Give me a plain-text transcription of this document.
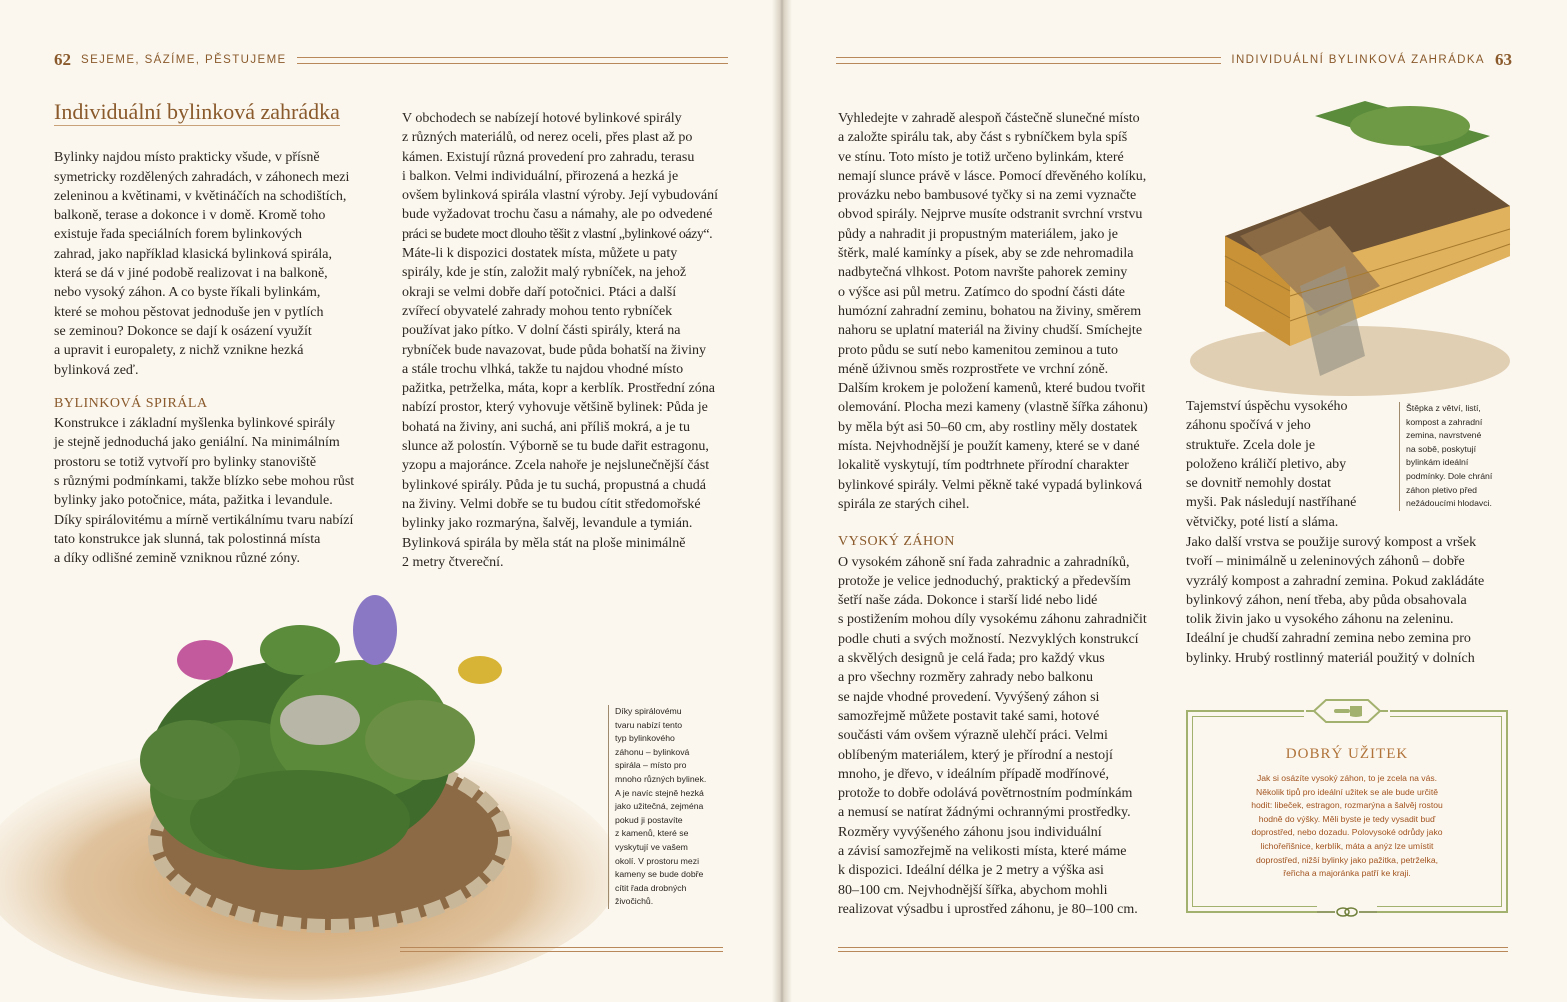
62 SEJEME, SÁZÍME, PĚSTUJEME	INDIVIDUÁLNÍ BYLINKOVÁ ZAHRÁDKA 63
Individuální bylinková zahrádka

Bylinky najdou místo prakticky všude, v přísně

symetricky rozdělených zahradách, v záhonech mezi

zeleninou a květinami, v květináčích na schodištích,

balkoně, terase a dokonce i v domě. Kromě toho

existuje řada speciálních forem bylinkových

zahrad, jako například klasická bylinková spirála,

která se dá v jiné podobě realizovat i na balkoně,

nebo vysoký záhon. A co byste říkali bylinkám,

které se mohou pěstovat jednoduše jen v pytlích

se zeminou? Dokonce se dají k osázení využít

a upravit i europalety, z nichž vznikne hezká

bylinková zeď.

BYLINKOVÁ SPIRÁLA

Konstrukce i základní myšlenka bylinkové spirály

je stejně jednoduchá jako geniální. Na minimálním

prostoru se totiž vytvoří pro bylinky stanoviště

s různými podmínkami, takže blízko sebe mohou růst

bylinky jako potočnice, máta, pažitka i levandule.

Díky spirálovitému a mírně vertikálnímu tvaru nabízí

tato konstrukce jak slunná, tak polostinná místa

a díky odlišné zemině vzniknou různé zóny.

V obchodech se nabízejí hotové bylinkové spirály

z různých materiálů, od nerez oceli, přes plast až po

kámen. Existují různá provedení pro zahradu, terasu

i balkon. Velmi individuální, přirozená a hezká je

ovšem bylinková spirála vlastní výroby. Její vybudování

bude vyžadovat trochu času a námahy, ale po odvedené

práci se budete moct dlouho těšit z vlastní „bylinkové oázy“.

Máte-li k dispozici dostatek místa, můžete u paty

spirály, kde je stín, založit malý rybníček, na jehož

okraji se velmi dobře daří potočnici. Ptáci a další

zvířecí obyvatelé zahrady mohou tento rybníček

používat jako pítko. V dolní části spirály, která na

rybníček bude navazovat, bude půda bohatší na živiny

a stále trochu vlhká, takže tu najdou vhodné místo

pažitka, petrželka, máta, kopr a kerblík. Prostřední zóna

nabízí prostor, který vyhovuje většině bylinek: Půda je

bohatá na živiny, ani suchá, ani příliš mokrá, a je tu

slunce až polostín. Výborně se tu bude dařit estragonu,

yzopu a majoránce. Zcela nahoře je nejslunečnější část

bylinkové spirály. Půda je tu suchá, propustná a chudá

na živiny. Velmi dobře se tu budou cítit středomořské

bylinky jako rozmarýna, šalvěj, levandule a tymián.

Bylinková spirála by měla stát na ploše minimálně

2 metry čtvereční.

Díky spirálovému
tvaru nabízí tento
typ bylinkového
záhonu – bylinková
spirála – místo pro
mnoho různých bylinek.
A je navíc stejně hezká
jako užitečná, zejména
pokud ji postavíte
z kamenů, které se
vyskytují ve vašem
okolí. V prostoru mezi
kameny se bude dobře
cítit řada drobných
živočichů.

Vyhledejte v zahradě alespoň částečně slunečné místo

a založte spirálu tak, aby část s rybníčkem byla spíš

ve stínu. Toto místo je totiž určeno bylinkám, které

nemají slunce právě v lásce. Pomocí dřevěného kolíku,

provázku nebo bambusové tyčky si na zemi vyznačte

obvod spirály. Nejprve musíte odstranit svrchní vrstvu

půdy a nahradit ji propustným materiálem, jako je

štěrk, malé kamínky a písek, aby se zde nehromadila

nadbytečná vlhkost. Potom navršte pahorek zeminy

o výšce asi půl metru. Zatímco do spodní části dáte

humózní zahradní zeminu, bohatou na živiny, směrem

nahoru se uplatní materiál na živiny chudší. Smíchejte

proto půdu se sutí nebo kamenitou zeminou a tuto

méně úživnou směs rozprostřete ve vrchní zóně.

Dalším krokem je položení kamenů, které budou tvořit

olemování. Plocha mezi kameny (vlastně šířka záhonu)

by měla být asi 50–60 cm, aby rostliny měly dostatek

místa. Nejvhodnější je použít kameny, které se v dané

lokalitě vyskytují, tím podtrhnete přírodní charakter

bylinkové spirály. Velmi pěkně také vypadá bylinková

spirála ze starých cihel.

VYSOKÝ ZÁHON

O vysokém záhoně sní řada zahradnic a zahradníků,

protože je velice jednoduchý, praktický a především

šetří naše záda. Dokonce i starší lidé nebo lidé

s postižením mohou díly vysokému záhonu zahradničit

podle chuti a svých možností. Nezvyklých konstrukcí

a skvělých designů je celá řada; pro každý vkus

a pro všechny rozměry zahrady nebo balkonu

se najde vhodné provedení. Vyvýšený záhon si

samozřejmě můžete postavit také sami, hotové

součásti vám ovšem výrazně ulehčí práci. Velmi

oblíbeným materiálem, který je přírodní a nestojí

mnoho, je dřevo, v ideálním případě modřínové,

protože to dobře odolává povětrnostním podmínkám

a nemusí se natírat žádnými ochrannými prostředky.

Rozměry vyvýšeného záhonu jsou individuální

a závisí samozřejmě na velikosti místa, které máme

k dispozici. Ideální délka je 2 metry a výška asi

80–100 cm. Nejvhodnější šířka, abychom mohli

realizovat výsadbu i uprostřed záhonu, je 80–100 cm.

Tajemství úspěchu vysokého

záhonu spočívá v jeho

struktuře. Zcela dole je

položeno králičí pletivo, aby

se dovnitř nemohly dostat

myši. Pak následují nastříhané

větvičky, poté listí a sláma.

Štěpka z větví, listí,
kompost a zahradní
zemina, navrstvené
na sobě, poskytují
bylinkám ideální
podmínky. Dole chrání
záhon pletivo před
nežádoucími hlodavci.

Jako další vrstva se použije surový kompost a vršek

tvoří – minimálně u zeleninových záhonů – dobře

vyzrálý kompost a zahradní zemina. Pokud zakládáte

bylinkový záhon, není třeba, aby půda obsahovala

tolik živin jako u vysokého záhonu na zeleninu.

Ideální je chudší zahradní zemina nebo zemina pro

bylinky. Hrubý rostlinný materiál použitý v dolních

DOBRÝ UŽITEK
Jak si osázíte vysoký záhon, to je zcela na vás.
Několik tipů pro ideální užitek se ale bude určitě
hodit: libeček, estragon, rozmarýna a šalvěj rostou
hodně do výšky. Měli byste je tedy vysadit buď
doprostřed, nebo dozadu. Polovysoké odrůdy jako
lichořeřišnice, kerblík, máta a anýz lze umístit
doprostřed, nižší bylinky jako pažitka, petrželka,
řeřicha a majoránka patří ke kraji.
